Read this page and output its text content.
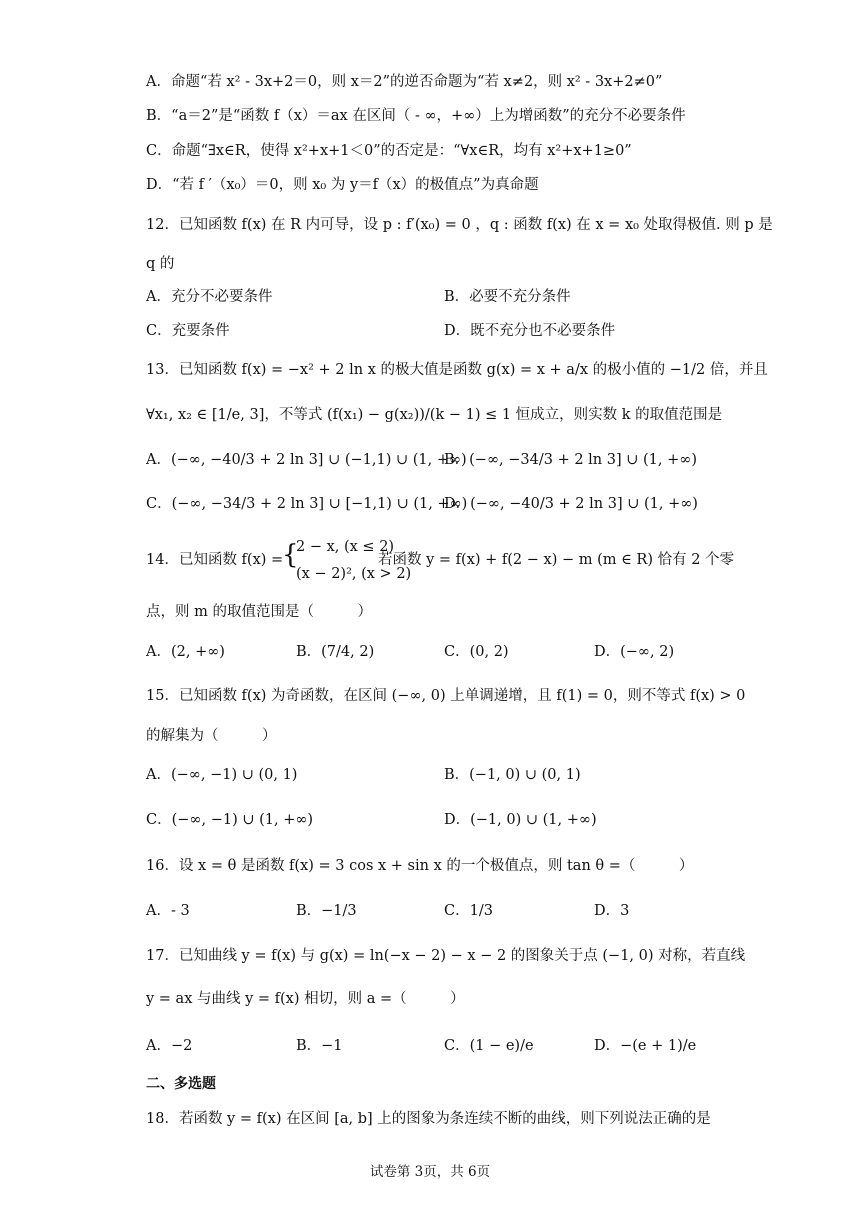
A．命题“若 x² - 3x+2＝0，则 x＝2”的逆否命题为“若 x≠2，则 x² - 3x+2≠0”
B．“a＝2”是“函数 f（x）＝ax 在区间（ - ∞，+∞）上为增函数”的充分不必要条件
C．命题“∃x∈R，使得 x²+x+1＜0”的否定是：“∀x∈R，均有 x²+x+1≥0”
D．“若 f ′（x₀）＝0，则 x₀ 为 y＝f（x）的极值点”为真命题
12．已知函数 f(x) 在 R 内可导，设 p : f′(x₀) = 0 ，q : 函数 f(x) 在 x = x₀ 处取得极值. 则 p 是
q 的
A．充分不必要条件	B．必要不充分条件
C．充要条件	D．既不充分也不必要条件
13．已知函数 f(x) = −x² + 2 ln x 的极大值是函数 g(x) = x + a/x 的极小值的 −1/2 倍，并且
∀x₁, x₂ ∈ [1/e, 3]，不等式 (f(x₁) − g(x₂))/(k − 1) ≤ 1 恒成立，则实数 k 的取值范围是
A．(−∞, −40/3 + 2 ln 3] ∪ (−1,1) ∪ (1, +∞)
B．(−∞, −34/3 + 2 ln 3] ∪ (1, +∞)
C．(−∞, −34/3 + 2 ln 3] ∪ [−1,1) ∪ (1, +∞)
D．(−∞, −40/3 + 2 ln 3] ∪ (1, +∞)
14．已知函数 f(x) =
{
2 − x, (x ≤ 2)
(x − 2)², (x > 2)
若函数 y = f(x) + f(2 − x) − m (m ∈ R) 恰有 2 个零
点，则 m 的取值范围是（　　　）
A．(2, +∞)	B．(7/4, 2)	C．(0, 2)	D．(−∞, 2)
15．已知函数 f(x) 为奇函数，在区间 (−∞, 0) 上单调递增，且 f(1) = 0，则不等式 f(x) > 0
的解集为（　　　）
A．(−∞, −1) ∪ (0, 1)	B．(−1, 0) ∪ (0, 1)
C．(−∞, −1) ∪ (1, +∞)	D．(−1, 0) ∪ (1, +∞)
16．设 x = θ 是函数 f(x) = 3 cos x + sin x 的一个极值点，则 tan θ =（　　　）
A．- 3	B．−1/3	C．1/3	D．3
17．已知曲线 y = f(x) 与 g(x) = ln(−x − 2) − x − 2 的图象关于点 (−1, 0) 对称，若直线
y = ax 与曲线 y = f(x) 相切，则 a =（　　　）
A．−2	B．−1	C．(1 − e)/e	D．−(e + 1)/e
二、多选题
18．若函数 y = f(x) 在区间 [a, b] 上的图象为条连续不断的曲线，则下列说法正确的是
试卷第 3页，共 6页
